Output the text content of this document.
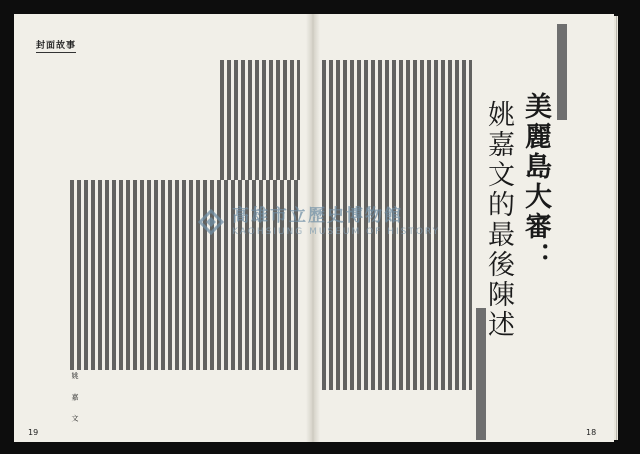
封面故事
姚 嘉 文
美麗島大審：
姚嘉文的最後陳述
高雄市立歷史博物館
KAOHSIUNG MUSEUM OF HISTORY
19	18
